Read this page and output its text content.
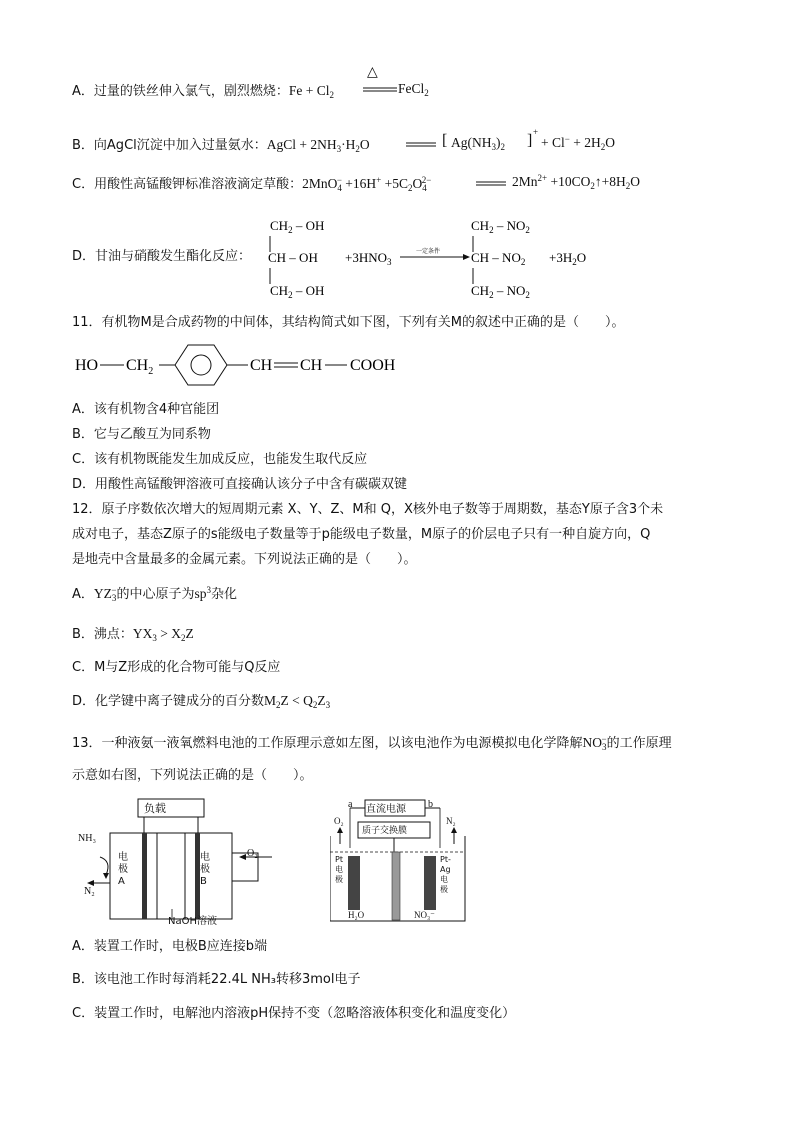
A．过量的铁丝伸入氯气，剧烈燃烧：$Fe + Cl_2$
△
FeCl$_2$
B．向AgCl沉淀中加入过量氨水：AgCl + $2NH_3\cdot H_2O$	[ $Ag(NH_3)_2$ ] +
+ $Cl^- + 2H_2O$
C．用酸性高锰酸钾标准溶液滴定草酸：$2MnO_4^- +16H^+ +5C_2O_4^{2-}$	$2Mn^{2+}$ $+10CO_2↑+8H_2O$
D．甘油与硝酸发生酯化反应：
$CH_2$ – OH
CH – OH
$CH_2$ – OH
$+3HNO_3$
$CH_2 - NO_2$
CH – $NO_2$
$CH_2 - NO_2$
$+3H_2O$
一定条件
11．有机物M是合成药物的中间体，其结构简式如下图，下列有关M的叙述中正确的是（　　）。
HO $CH_2$	CH CH COOH
A．该有机物含4种官能团
B．它与乙酸互为同系物
C．该有机物既能发生加成反应，也能发生取代反应
D．用酸性高锰酸钾溶液可直接确认该分子中含有碳碳双键
12．原子序数依次增大的短周期元素 X、Y、Z、M和 Q，X核外电子数等于周期数，基态Y原子含3个未
成对电子，基态Z原子的s能级电子数量等于p能级电子数量，M原子的价层电子只有一种自旋方向，Q
是地壳中含量最多的金属元素。下列说法正确的是（　　）。
A．$YZ_3^-$的中心原子为$sp^3$杂化
B．沸点：$YX_3 > X_2Z$
C．M与Z形成的化合物可能与Q反应
D．化学键中离子键成分的百分数$M_2Z < Q_2Z_3$
13．一种液氨一液氧燃料电池的工作原理示意如左图，以该电池作为电源模拟电化学降解$NO_3^-$的工作原理
示意如右图，下列说法正确的是（　　）。
负载
NH₃
N₂
O₂
电极A
电极B
NaOH溶液
直流电源
a	b
质子交换膜
O₂	N₂
Pt电极
Pt-Ag电极
H₂O	NO₃⁻
A．装置工作时，电极B应连接b端
B．该电池工作时每消耗22.4L NH₃转移3mol电子
C．装置工作时，电解池内溶液pH保持不变（忽略溶液体积变化和温度变化）
